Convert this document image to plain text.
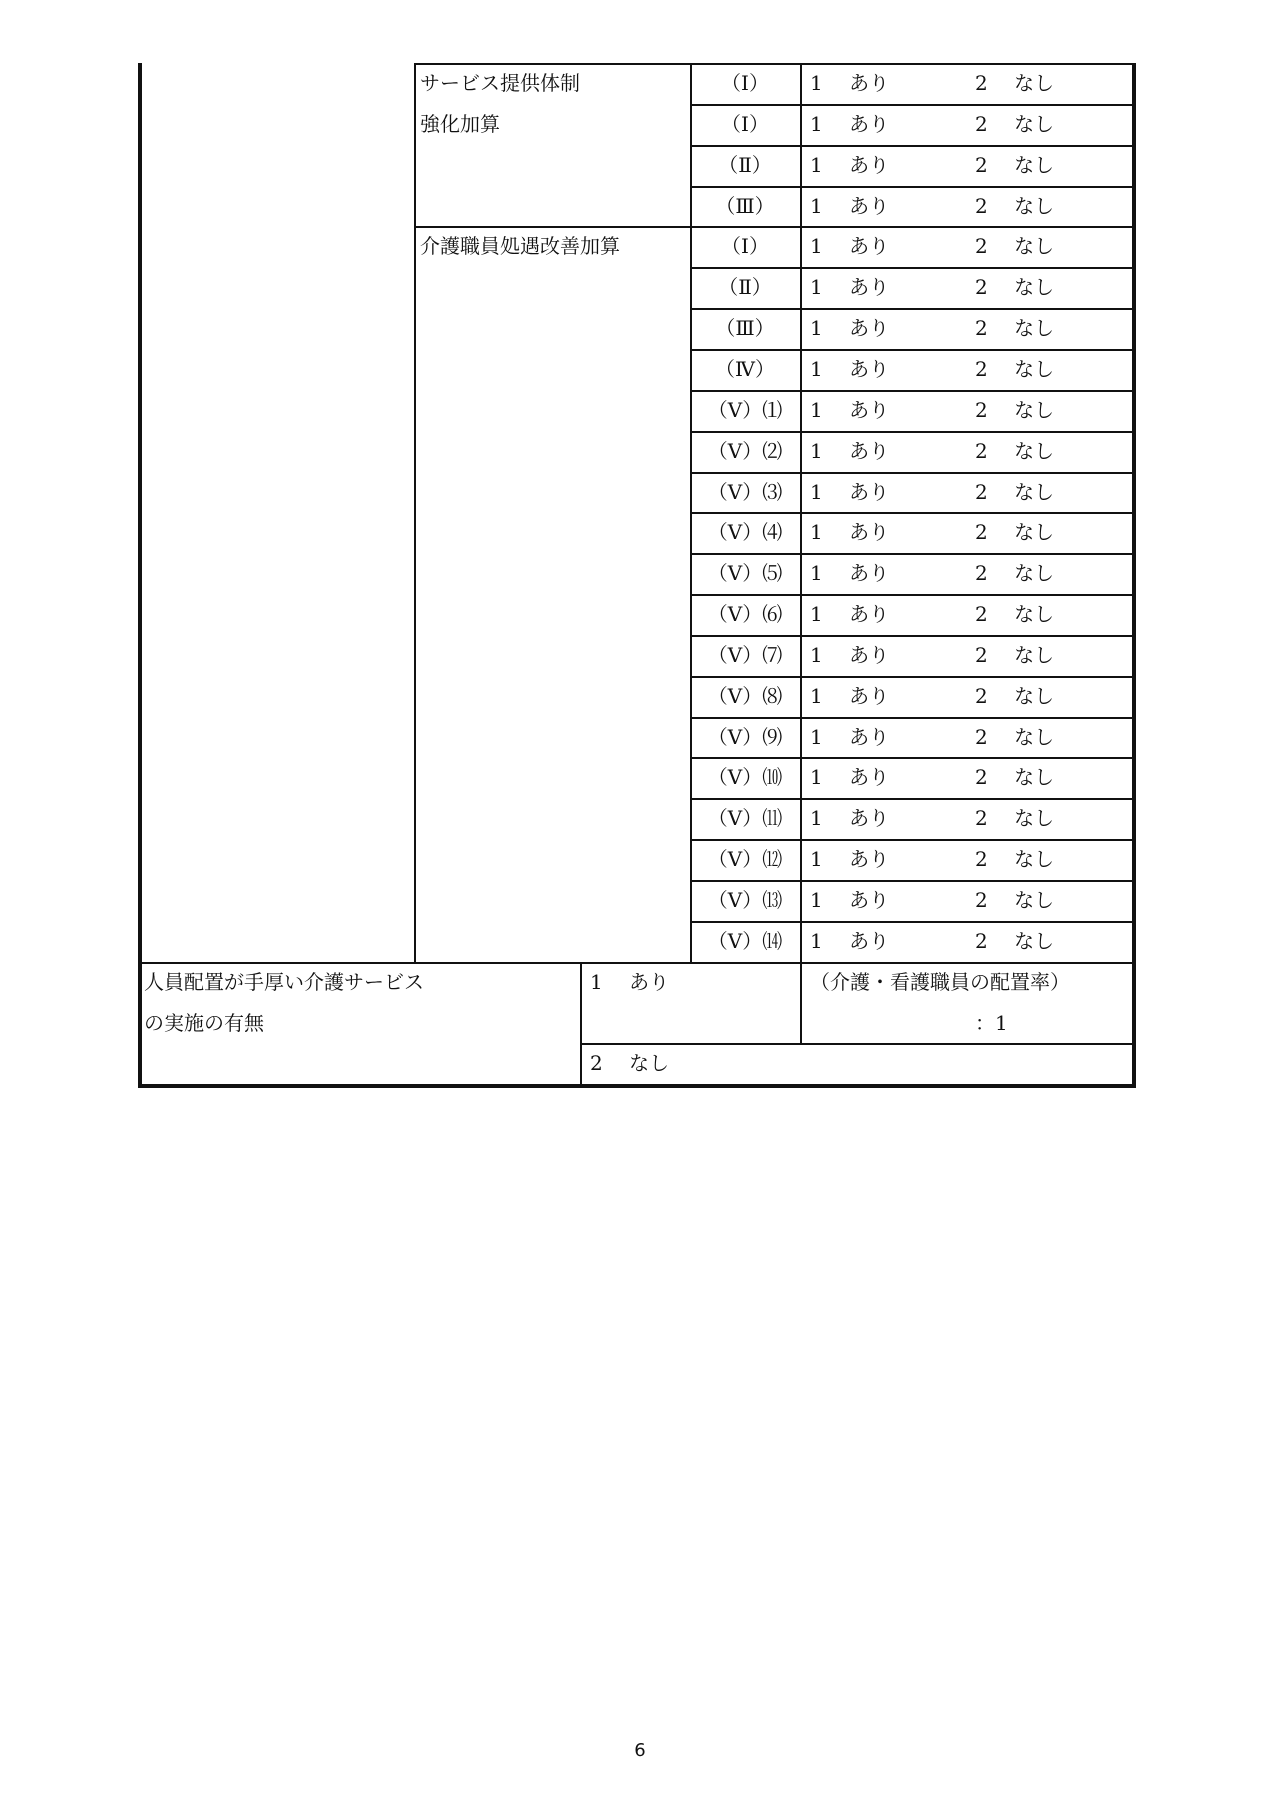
サービス提供体制
強化加算
（Ⅰ）	1　 あり	2　 なし
（Ⅰ）	1　 あり	2　 なし
（Ⅱ）	1　 あり	2　 なし
（Ⅲ）	1　 あり	2　 なし
介護職員処遇改善加算	（Ⅰ）	1　 あり	2　 なし
（Ⅱ）	1　 あり	2　 なし
（Ⅲ）	1　 あり	2　 なし
（Ⅳ）	1　 あり	2　 なし
（Ⅴ）⑴	1　 あり	2　 なし
（Ⅴ）⑵	1　 あり	2　 なし
（Ⅴ）⑶	1　 あり	2　 なし
（Ⅴ）⑷	1　 あり	2　 なし
（Ⅴ）⑸	1　 あり	2　 なし
（Ⅴ）⑹	1　 あり	2　 なし
（Ⅴ）⑺	1　 あり	2　 なし
（Ⅴ）⑻	1　 あり	2　 なし
（Ⅴ）⑼	1　 あり	2　 なし
（Ⅴ）⑽	1　 あり	2　 なし
（Ⅴ）⑾	1　 あり	2　 なし
（Ⅴ）⑿	1　 あり	2　 なし
（Ⅴ）⒀	1　 あり	2　 なし
（Ⅴ）⒁	1　 あり	2　 なし
人員配置が手厚い介護サービス
の実施の有無
1　 あり	（介護・看護職員の配置率）
：1
2　 なし
6
